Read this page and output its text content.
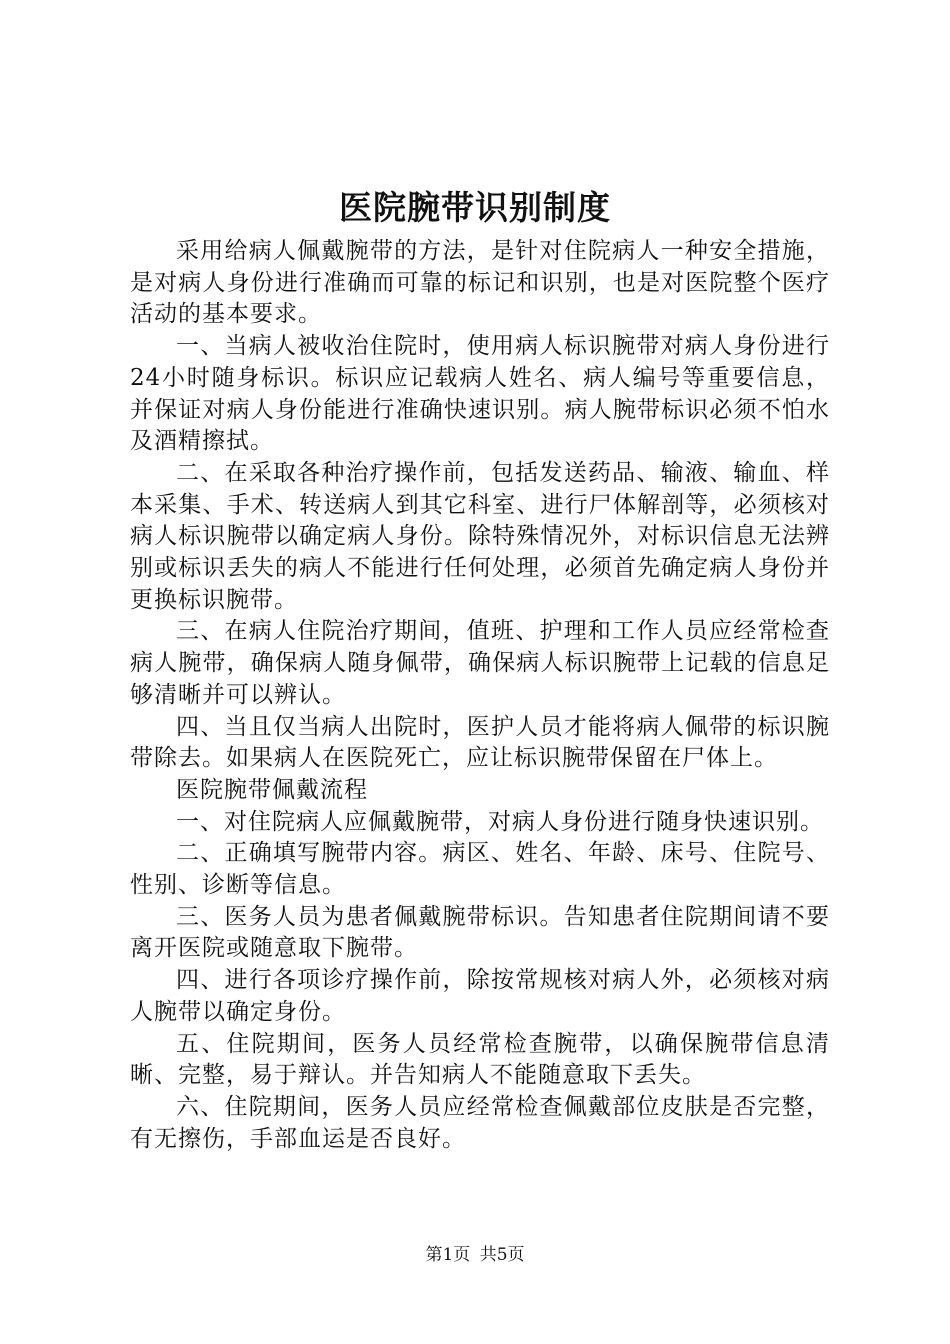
医院腕带识别制度

采用给病人佩戴腕带的方法，是针对住院病人一种安全措施，是对病人身份进行准确而可靠的标记和识别，也是对医院整个医疗活动的基本要求。

一、当病人被收治住院时，使用病人标识腕带对病人身份进行24小时随身标识。标识应记载病人姓名、病人编号等重要信息，并保证对病人身份能进行准确快速识别。病人腕带标识必须不怕水及酒精擦拭。

二、在采取各种治疗操作前，包括发送药品、输液、输血、样本采集、手术、转送病人到其它科室、进行尸体解剖等，必须核对病人标识腕带以确定病人身份。除特殊情况外，对标识信息无法辨别或标识丢失的病人不能进行任何处理，必须首先确定病人身份并更换标识腕带。

三、在病人住院治疗期间，值班、护理和工作人员应经常检查病人腕带，确保病人随身佩带，确保病人标识腕带上记载的信息足够清晰并可以辨认。

四、当且仅当病人出院时，医护人员才能将病人佩带的标识腕带除去。如果病人在医院死亡，应让标识腕带保留在尸体上。

医院腕带佩戴流程

一、对住院病人应佩戴腕带，对病人身份进行随身快速识别。

二、正确填写腕带内容。病区、姓名、年龄、床号、住院号、性别、诊断等信息。

三、医务人员为患者佩戴腕带标识。告知患者住院期间请不要离开医院或随意取下腕带。

四、进行各项诊疗操作前，除按常规核对病人外，必须核对病人腕带以确定身份。

五、住院期间，医务人员经常检查腕带，以确保腕带信息清晰、完整，易于辩认。并告知病人不能随意取下丢失。

六、住院期间，医务人员应经常检查佩戴部位皮肤是否完整，有无擦伤，手部血运是否良好。

第1页 共5页
